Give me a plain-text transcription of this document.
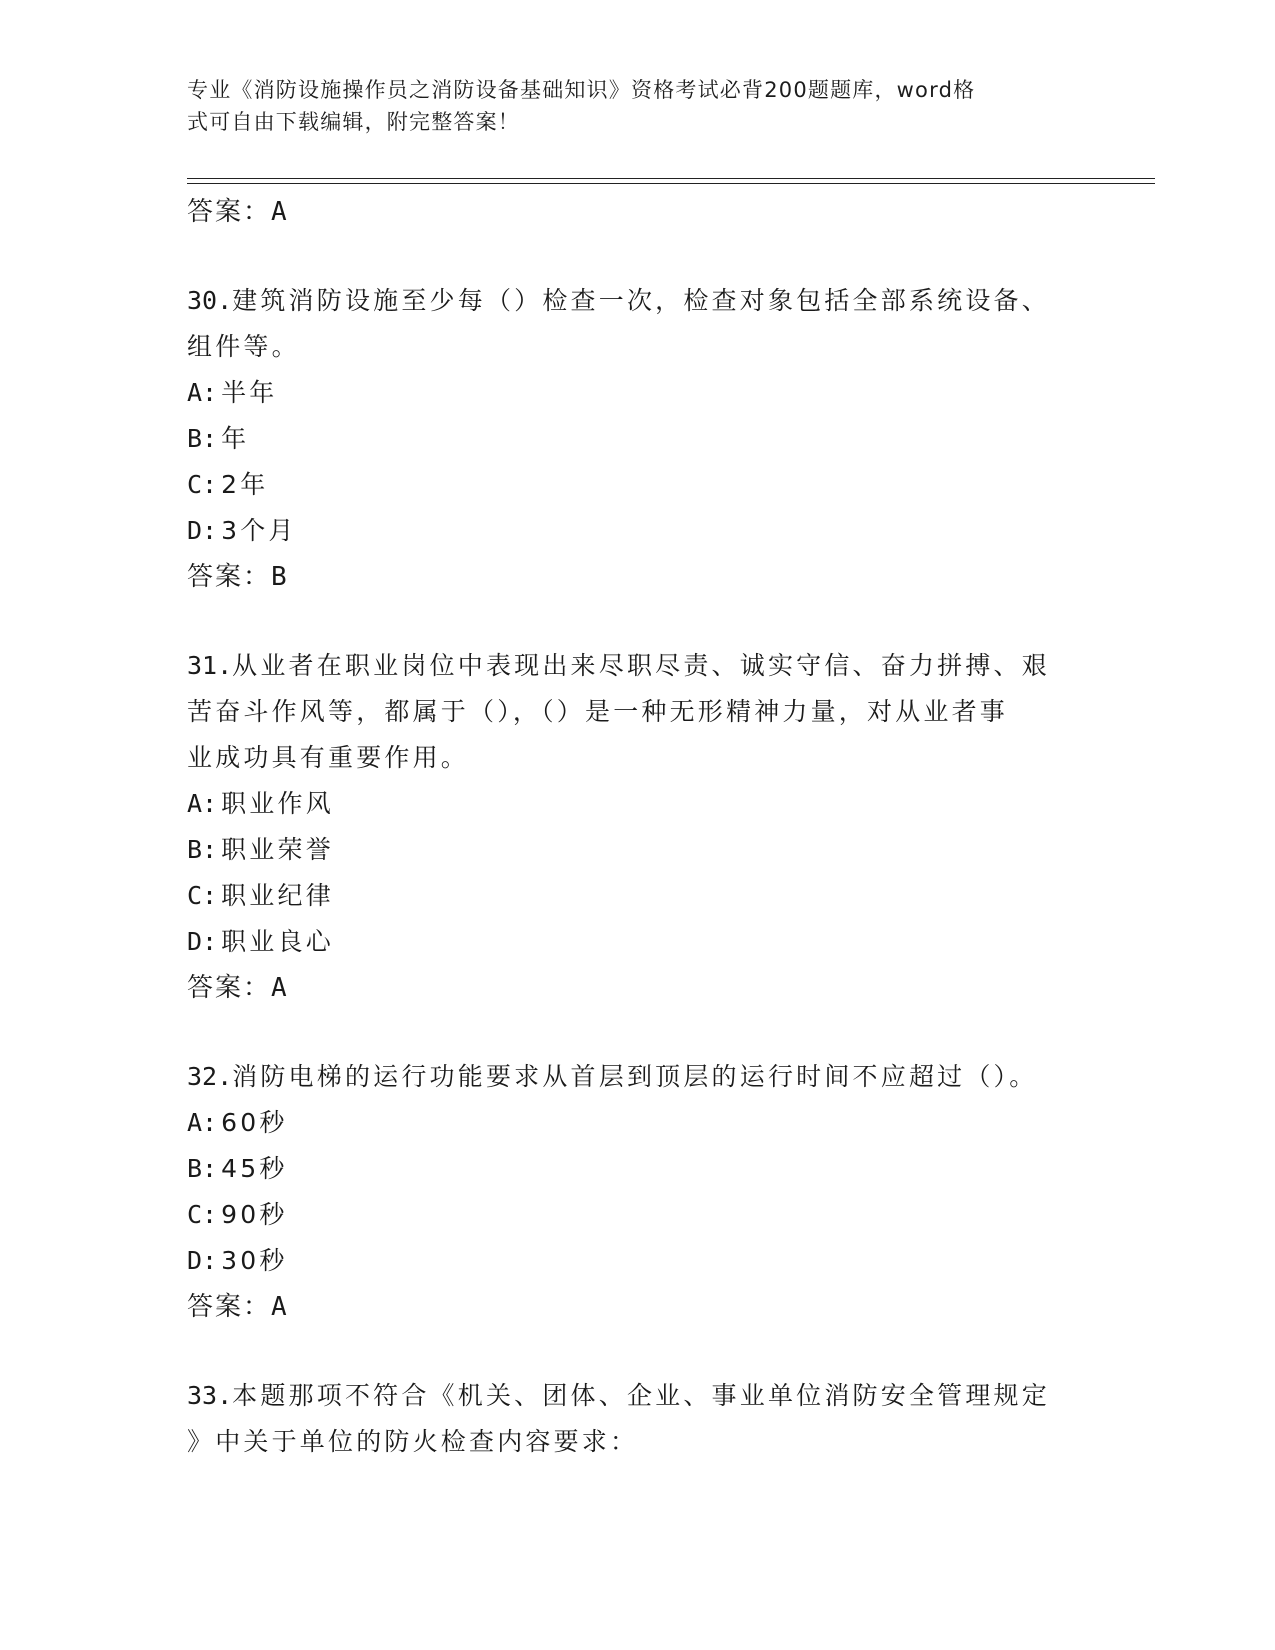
专业《消防设施操作员之消防设备基础知识》资格考试必背200题题库，word格
式可自由下载编辑，附完整答案！
答案：A
30.建筑消防设施至少每（）检查一次，检查对象包括全部系统设备、
组件等。
A: 半年
B: 年
C: 2年
D: 3个月
答案：B
31.从业者在职业岗位中表现出来尽职尽责、诚实守信、奋力拼搏、艰
苦奋斗作风等，都属于（），（）是一种无形精神力量，对从业者事
业成功具有重要作用。
A: 职业作风
B: 职业荣誉
C: 职业纪律
D: 职业良心
答案：A
32.消防电梯的运行功能要求从首层到顶层的运行时间不应超过（）。
A: 60秒
B: 45秒
C: 90秒
D: 30秒
答案：A
33.本题那项不符合《机关、团体、企业、事业单位消防安全管理规定
》中关于单位的防火检查内容要求：
